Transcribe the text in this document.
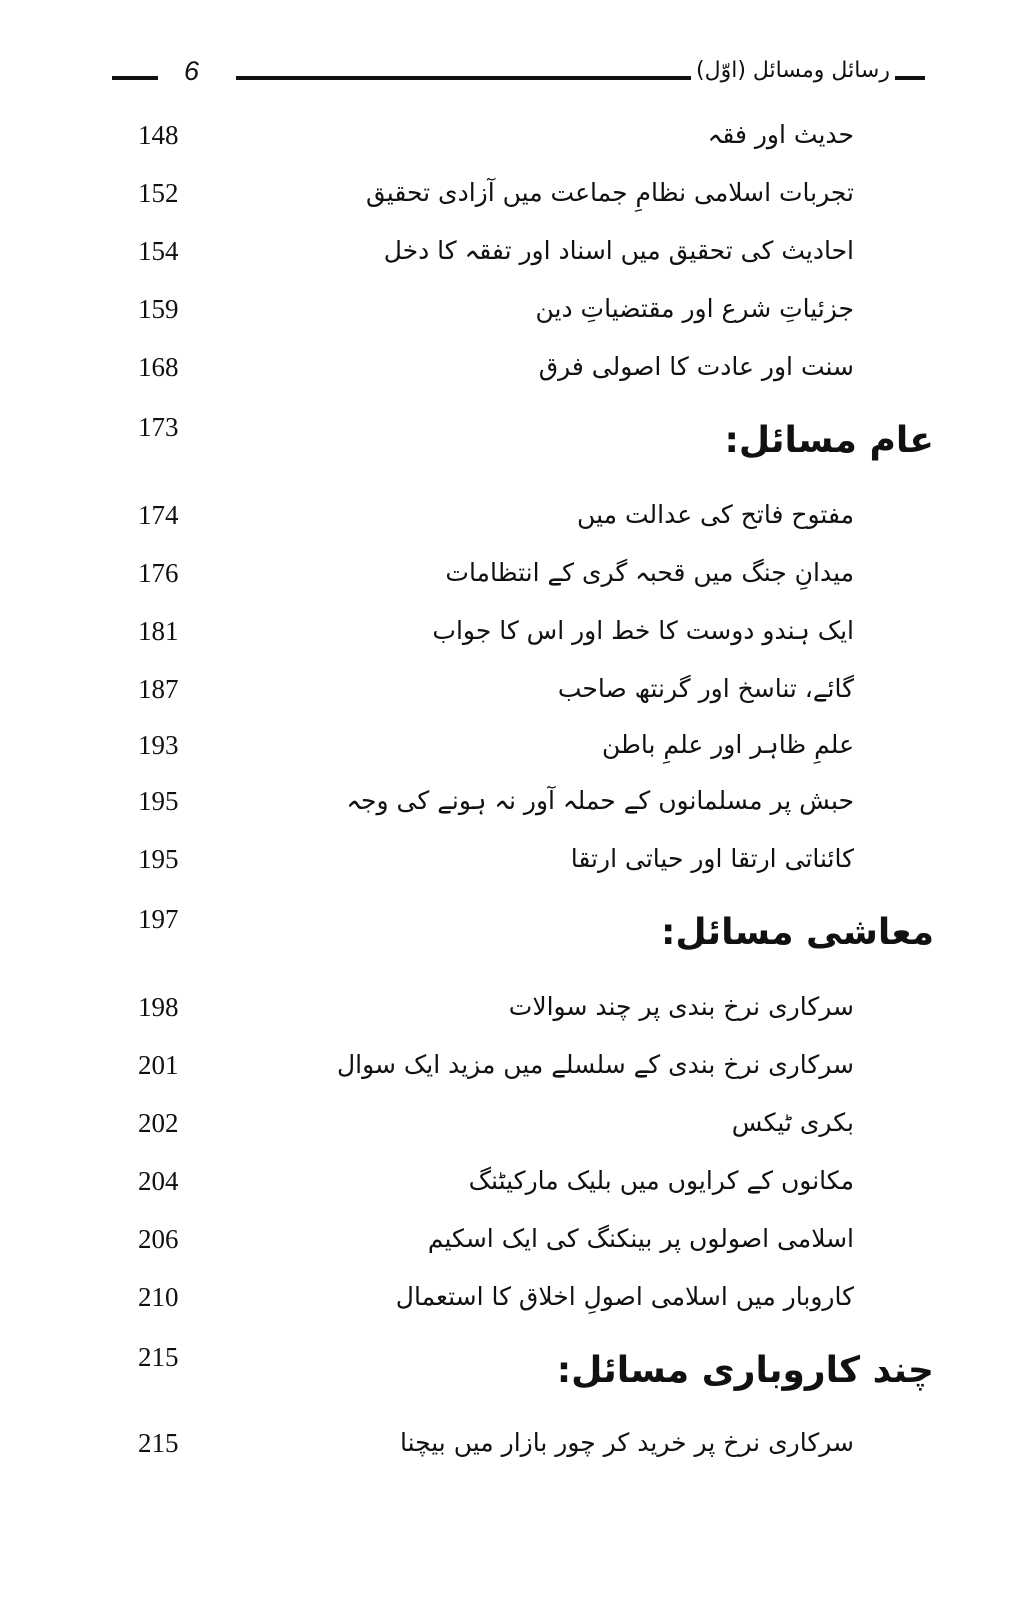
6	رسائل ومسائل (اوّل)
حدیث اور فقہ
148
تجربات اسلامی نظامِ جماعت میں آزادی تحقیق
152
احادیث کی تحقیق میں اسناد اور تفقہ کا دخل
154
جزئیاتِ شرع اور مقتضیاتِ دین
159
سنت اور عادت کا اصولی فرق
168
عام مسائل:
173
مفتوح فاتح کی عدالت میں
174
میدانِ جنگ میں قحبہ گری کے انتظامات
176
ایک ہندو دوست کا خط اور اس کا جواب
181
گائے، تناسخ اور گرنتھ صاحب
187
علمِ ظاہر اور علمِ باطن
193
حبش پر مسلمانوں کے حملہ آور نہ ہونے کی وجہ
195
کائناتی ارتقا اور حیاتی ارتقا
195
معاشی مسائل:
197
سرکاری نرخ بندی پر چند سوالات
198
سرکاری نرخ بندی کے سلسلے میں مزید ایک سوال
201
بکری ٹیکس
202
مکانوں کے کرایوں میں بلیک مارکیٹنگ
204
اسلامی اصولوں پر بینکنگ کی ایک اسکیم
206
کاروبار میں اسلامی اصولِ اخلاق کا استعمال
210
چند کاروباری مسائل:
215
سرکاری نرخ پر خرید کر چور بازار میں بیچنا
215
